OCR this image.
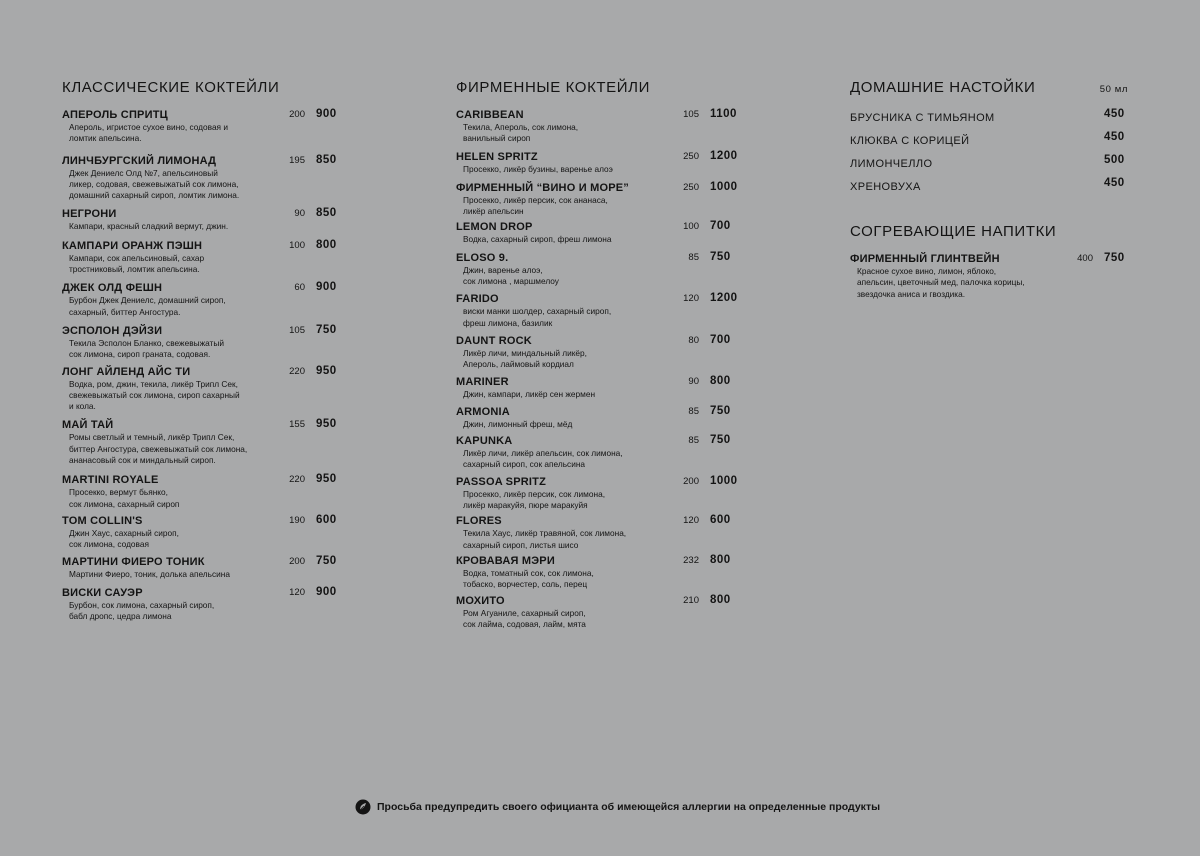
КЛАССИЧЕСКИЕ КОКТЕЙЛИ
АПЕРОЛЬ СПРИТЦ
Апероль, игристое сухое вино, содовая и
ломтик апельсина.
200 900
ЛИНЧБУРГСКИЙ ЛИМОНАД
Джек Дениелс Олд №7, апельсиновый
ликер, содовая, свежевыжатый сок лимона,
домашний сахарный сироп, ломтик лимона.
195 850
НЕГРОНИ
Кампари, красный сладкий вермут, джин.
90 850
КАМПАРИ ОРАНЖ ПЭШН
Кампари, сок апельсиновый, сахар
тростниковый, ломтик апельсина.
100 800
ДЖЕК ОЛД ФЕШН
Бурбон Джек Дениелс, домашний сироп,
сахарный, биттер Ангостура.
60 900
ЭСПОЛОН ДЭЙЗИ
Текила Эсполон Бланко, свежевыжатый
сок лимона, сироп граната, содовая.
105 750
ЛОНГ АЙЛЕНД АЙС ТИ
Водка, ром, джин, текила, ликёр Трипл Сек,
свежевыжатый сок лимона, сироп сахарный
и кола.
220 950
МАЙ ТАЙ
Ромы светлый и темный, ликёр Трипл Сек,
биттер Ангостура, свежевыжатый сок лимона,
ананасовый сок и миндальный сироп.
155 950
MARTINI ROYALE
Просекко, вермут бьянко,
сок лимона, сахарный сироп
220 950
TOM COLLIN'S
Джин Хаус, сахарный сироп,
сок лимона, содовая
190 600
МАРТИНИ ФИЕРО ТОНИК
Мартини Фиеро, тоник, долька апельсина
200 750
ВИСКИ САУЭР
Бурбон, сок лимона, сахарный сироп,
бабл дропс, цедра лимона
120 900
ФИРМЕННЫЕ КОКТЕЙЛИ
CARIBBEAN
Текила, Апероль, сок лимона,
ванильный сироп
105 1100
HELEN SPRITZ
Просекко, ликёр бузины, варенье алоэ
250 1200
ФИРМЕННЫЙ “ВИНО И МОРЕ”
Просекко, ликёр персик, сок ананаса,
ликёр апельсин
250 1000
LEMON DROP
Водка, сахарный сироп, фреш лимона
100 700
ELOSO 9.
Джин, варенье алоэ,
сок лимона , маршмелоу
85 750
FARIDO
виски манки шолдер, сахарный сироп,
фреш лимона, базилик
120 1200
DAUNT ROCK
Ликёр личи, миндальный ликёр,
Апероль, лаймовый кордиал
80 700
MARINER
Джин, кампари, ликёр сен жермен
90 800
ARMONIA
Джин, лимонный фреш, мёд
85 750
KAPUNKA
Ликёр личи, ликёр апельсин, сок лимона,
сахарный сироп, сок апельсина
85 750
PASSOA SPRITZ
Просекко, ликёр персик, сок лимона,
ликёр маракуйя, пюре маракуйя
200 1000
FLORES
Текила Хаус, ликёр травяной, сок лимона,
сахарный сироп, листья шисо
120 600
КРОВАВАЯ МЭРИ
Водка, томатный сок, сок лимона,
тобаско, ворчестер, соль, перец
232 800
МОХИТО
Ром Агуаниле, сахарный сироп,
сок лайма, содовая, лайм, мята
210 800
ДОМАШНИЕ НАСТОЙКИ	50 мл
БРУСНИКА С ТИМЬЯНОМ	450
КЛЮКВА С КОРИЦЕЙ	450
ЛИМОНЧЕЛЛО	500
ХРЕНОВУХА	450
СОГРЕВАЮЩИЕ НАПИТКИ
ФИРМЕННЫЙ ГЛИНТВЕЙН
Красное сухое вино, лимон, яблоко,
апельсин, цветочный мед, палочка корицы,
звездочка аниса и гвоздика.
400 750
Просьба предупредить своего официанта об имеющейся аллергии на определенные продукты
